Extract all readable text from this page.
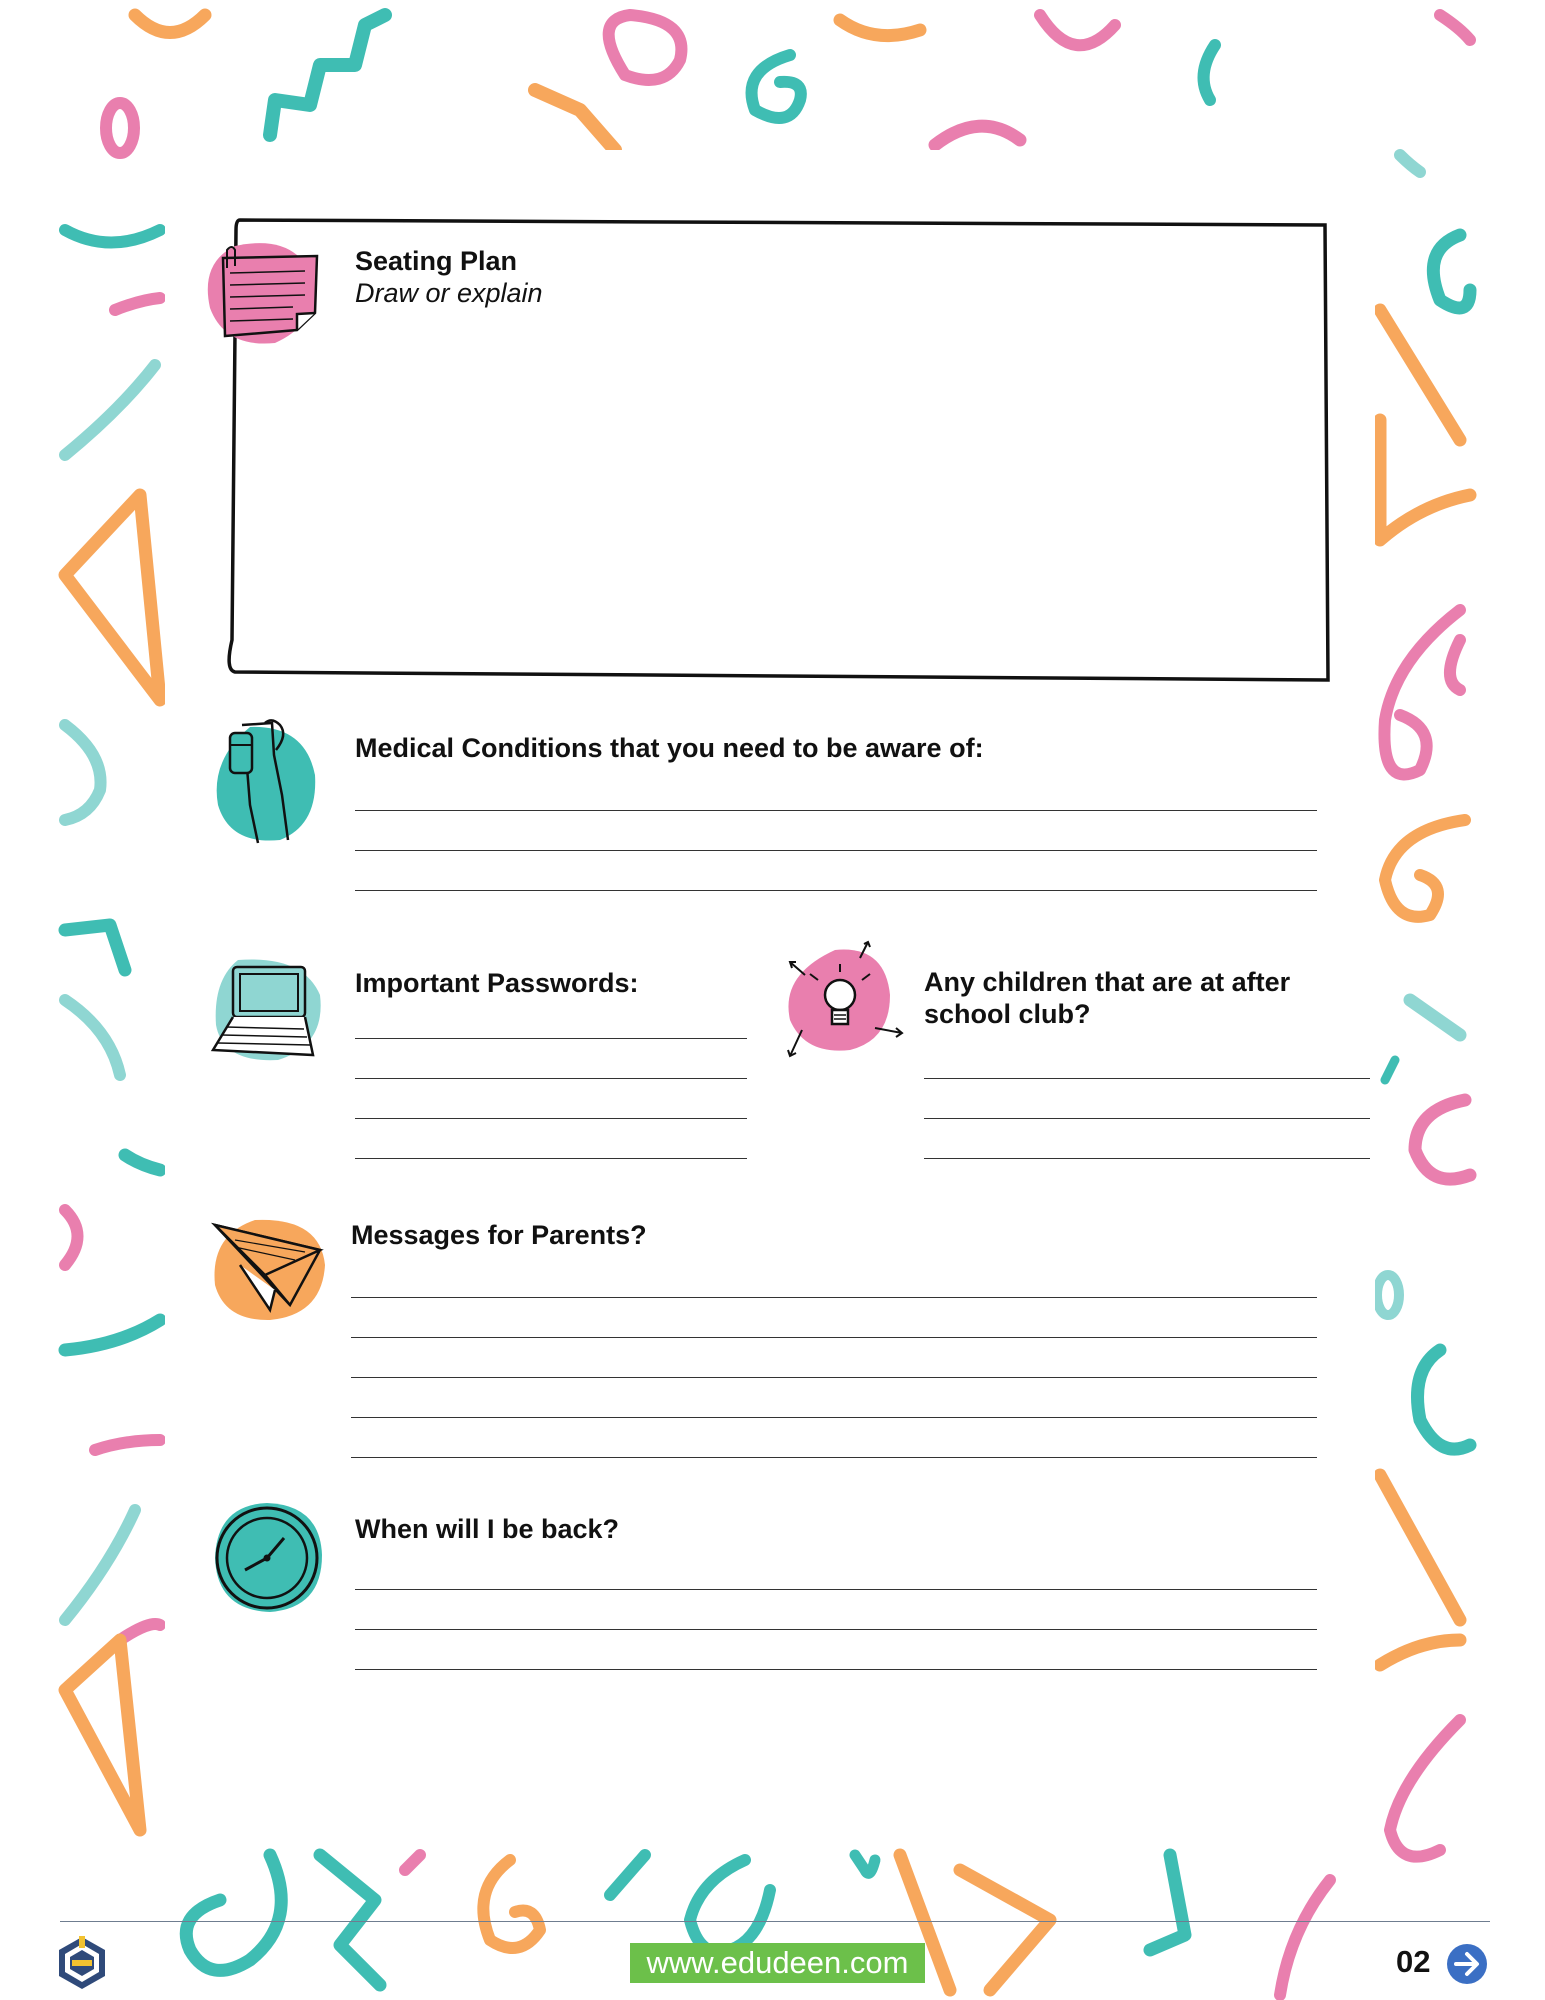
Seating Plan
Draw or explain
Medical Conditions that you need to be aware of:
Important Passwords:	Any children that are at after
school club?
Messages for Parents?
When will I be back?
www.edudeen.com	02
